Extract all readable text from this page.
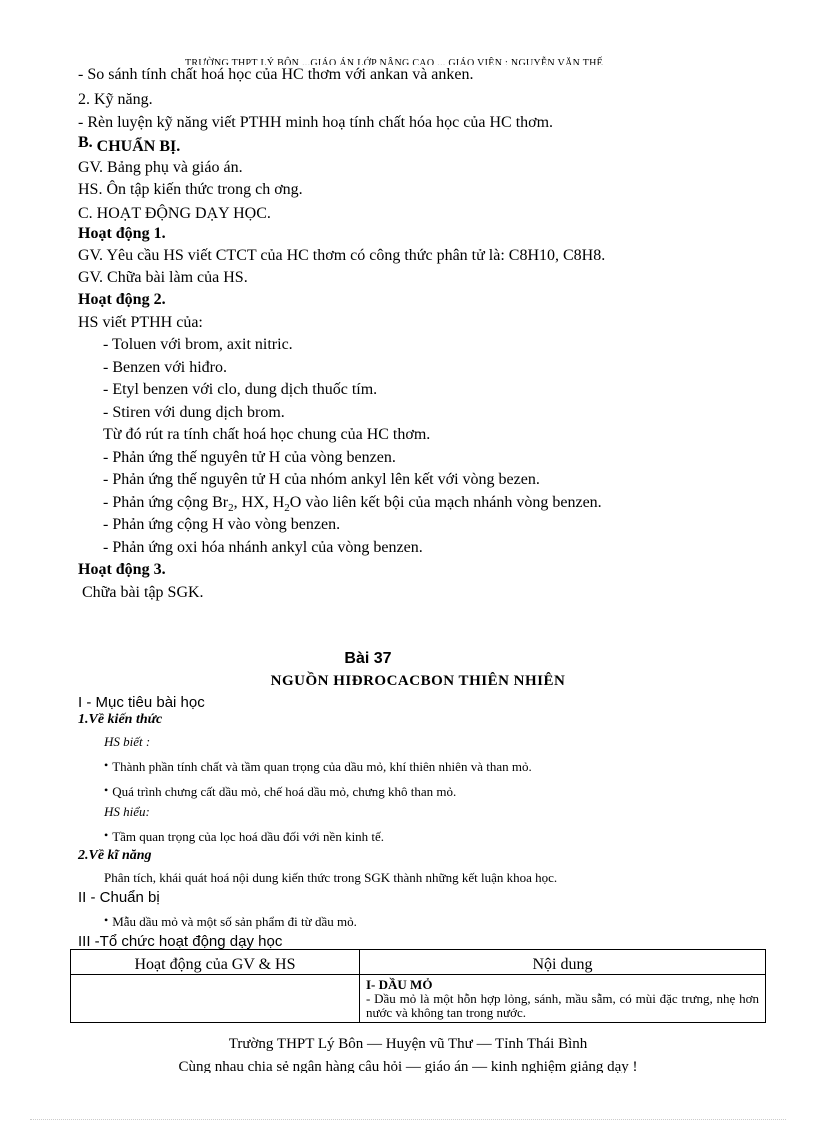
TRƯỜNG THPT LÝ BÔN ...GIÁO ÁN LỚP NÂNG CAO ... GIÁO VIÊN : NGUYỄN VĂN THẾ
- So sánh tính chất hoá học của HC thơm với ankan và anken.
2. Kỹ năng.
- Rèn luyện kỹ năng viết PTHH minh hoạ tính chất hóa học của HC thơm.
B. CHUẨN BỊ.
GV. Bảng phụ và giáo án.
HS. Ôn tập kiến thức trong ch ơng.
C. HOẠT ĐỘNG DẠY HỌC.
Hoạt động 1.
GV. Yêu cầu HS viết CTCT của HC thơm có công thức phân tử là: C8H10, C8H8.
GV. Chữa bài làm của HS.
Hoạt động 2.
HS viết PTHH của:
- Toluen với brom, axit nitric.
- Benzen với hiđro.
- Etyl benzen với clo, dung dịch thuốc tím.
- Stiren với dung dịch brom.
Từ đó rút ra tính chất hoá học chung của HC thơm.
- Phản ứng thế nguyên tử H của vòng benzen.
- Phản ứng thế nguyên tử H của nhóm ankyl lên kết với vòng bezen.
- Phản ứng cộng $Br_2$, HX, $H_2O$ vào liên kết bội của mạch nhánh vòng benzen.
- Phản ứng cộng H vào vòng benzen.
- Phản ứng oxi hóa nhánh ankyl của vòng benzen.
Hoạt động 3.
Chữa bài tập SGK.
Bài 37
NGUỒN HIĐROCACBON THIÊN NHIÊN
I - Mục tiêu bài học
1.Về kiến thức
HS biết :
• Thành phần tính chất và tầm quan trọng của dầu mỏ, khí thiên nhiên và than mỏ.
• Quá trình chưng cất dầu mỏ, chế hoá dầu mỏ, chưng khô than mỏ.
HS hiểu:
• Tầm quan trọng của lọc hoá dầu đối với nền kinh tế.
2.Về kĩ năng
Phân tích, khái quát hoá nội dung kiến thức trong SGK thành những kết luận khoa học.
II - Chuẩn bị
• Mẫu dầu mỏ và một số sản phẩm đi từ dầu mỏ.
III -Tổ chức hoạt động dạy học
Hoạt động của GV & HS	Nội dung

	I- DẦU MỎ
- Dầu mỏ là một hỗn hợp lỏng, sánh, mầu sẫm, có mùi đặc trưng, nhẹ hơn nước và không tan trong nước.
Trường THPT Lý Bôn — Huyện vũ Thư — Tỉnh Thái Bình
Cùng nhau chia sẻ ngân hàng câu hỏi — giáo án — kinh nghiệm giảng dạy !
